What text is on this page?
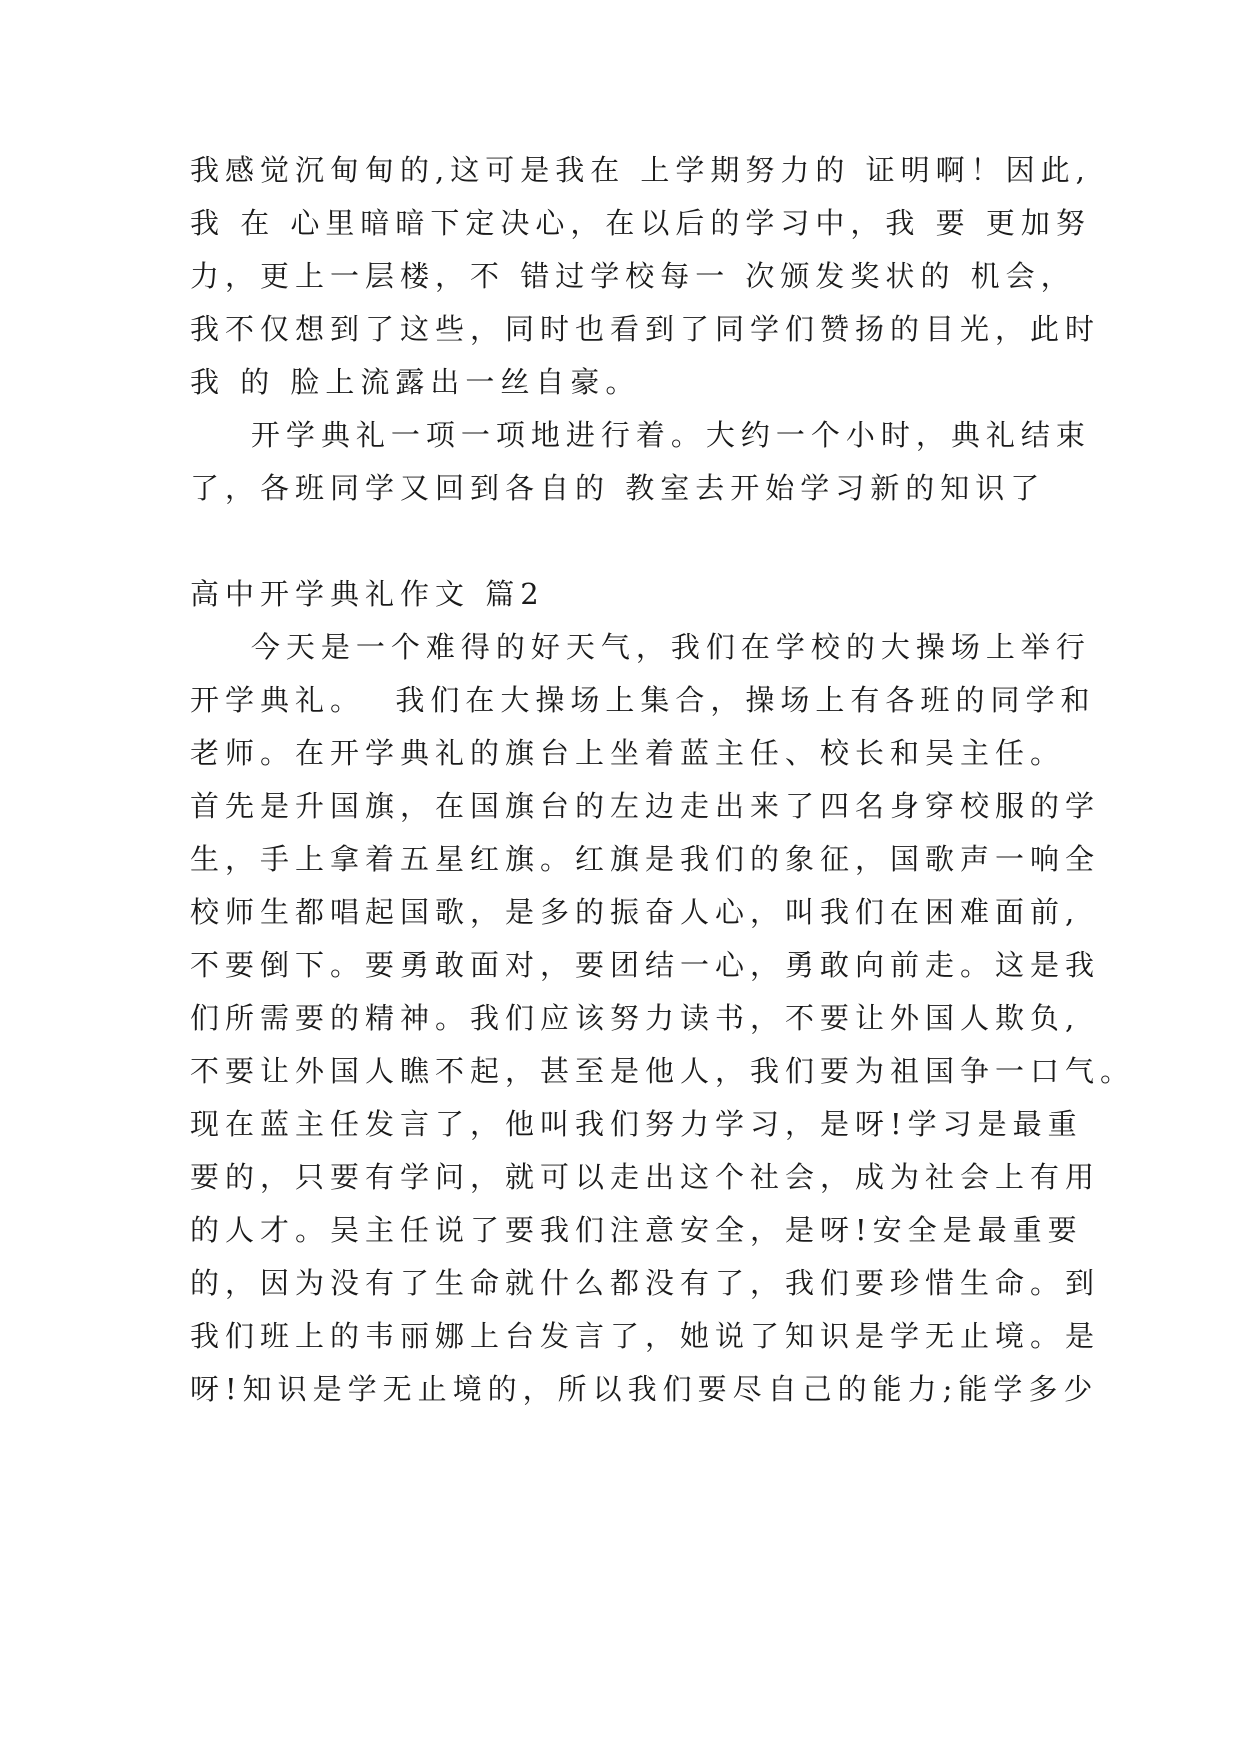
我感觉沉甸甸的,这可是我在 上学期努力的 证明啊！因此,
我 在 心里暗暗下定决心，在以后的学习中，我 要 更加努
力，更上一层楼，不 错过学校每一 次颁发奖状的 机会，
我不仅想到了这些，同时也看到了同学们赞扬的目光，此时
我 的 脸上流露出一丝自豪。
开学典礼一项一项地进行着。大约一个小时，典礼结束
了，各班同学又回到各自的 教室去开始学习新的知识了
高中开学典礼作文 篇2
今天是一个难得的好天气，我们在学校的大操场上举行
开学典礼。  我们在大操场上集合，操场上有各班的同学和
老师。在开学典礼的旗台上坐着蓝主任、校长和吴主任。
首先是升国旗，在国旗台的左边走出来了四名身穿校服的学
生，手上拿着五星红旗。红旗是我们的象征，国歌声一响全
校师生都唱起国歌，是多的振奋人心，叫我们在困难面前,
不要倒下。要勇敢面对，要团结一心，勇敢向前走。这是我
们所需要的精神。我们应该努力读书，不要让外国人欺负,
不要让外国人瞧不起，甚至是他人，我们要为祖国争一口气。
现在蓝主任发言了，他叫我们努力学习，是呀!学习是最重
要的，只要有学问，就可以走出这个社会，成为社会上有用
的人才。吴主任说了要我们注意安全，是呀!安全是最重要
的，因为没有了生命就什么都没有了，我们要珍惜生命。到
我们班上的韦丽娜上台发言了，她说了知识是学无止境。是
呀!知识是学无止境的，所以我们要尽自己的能力;能学多少
